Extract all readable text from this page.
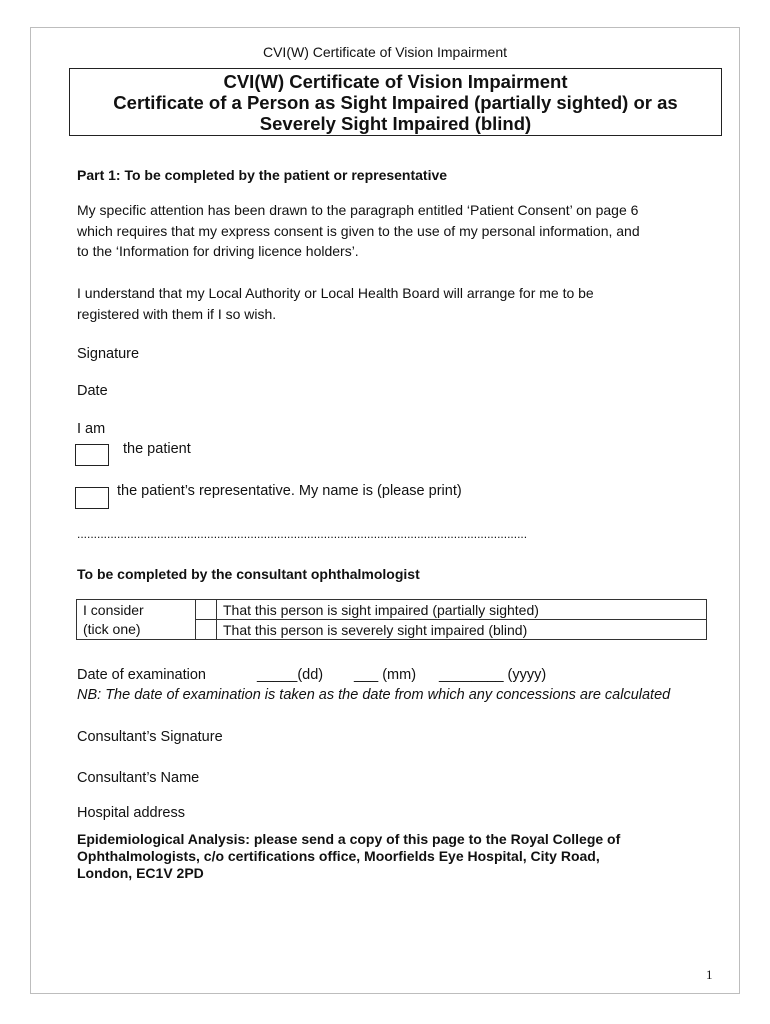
CVI(W) Certificate of Vision Impairment
CVI(W) Certificate of Vision Impairment
Certificate of a Person as Sight Impaired (partially sighted) or as
Severely Sight Impaired (blind)
Part 1: To be completed by the patient or representative
My specific attention has been drawn to the paragraph entitled ‘Patient Consent’ on page 6
which requires that my express consent is given to the use of my personal information, and
to the ‘Information for driving licence holders’.
I understand that my Local Authority or Local Health Board will arrange for me to be
registered with them if I so wish.
Signature
Date
I am
the patient
the patient’s representative. My name is (please print)
.......................................................................................................................................
To be completed by the consultant ophthalmologist
I consider		That this person is sight impaired (partially sighted)
(tick one)		That this person is severely sight impaired (blind)
Date of examination	_____(dd) ___ (mm) ________ (yyyy)
NB: The date of examination is taken as the date from which any concessions are calculated
Consultant’s Signature
Consultant’s Name
Hospital address
Epidemiological Analysis: please send a copy of this page to the Royal College of
Ophthalmologists, c/o certifications office, Moorfields Eye Hospital, City Road,
London, EC1V 2PD
1
